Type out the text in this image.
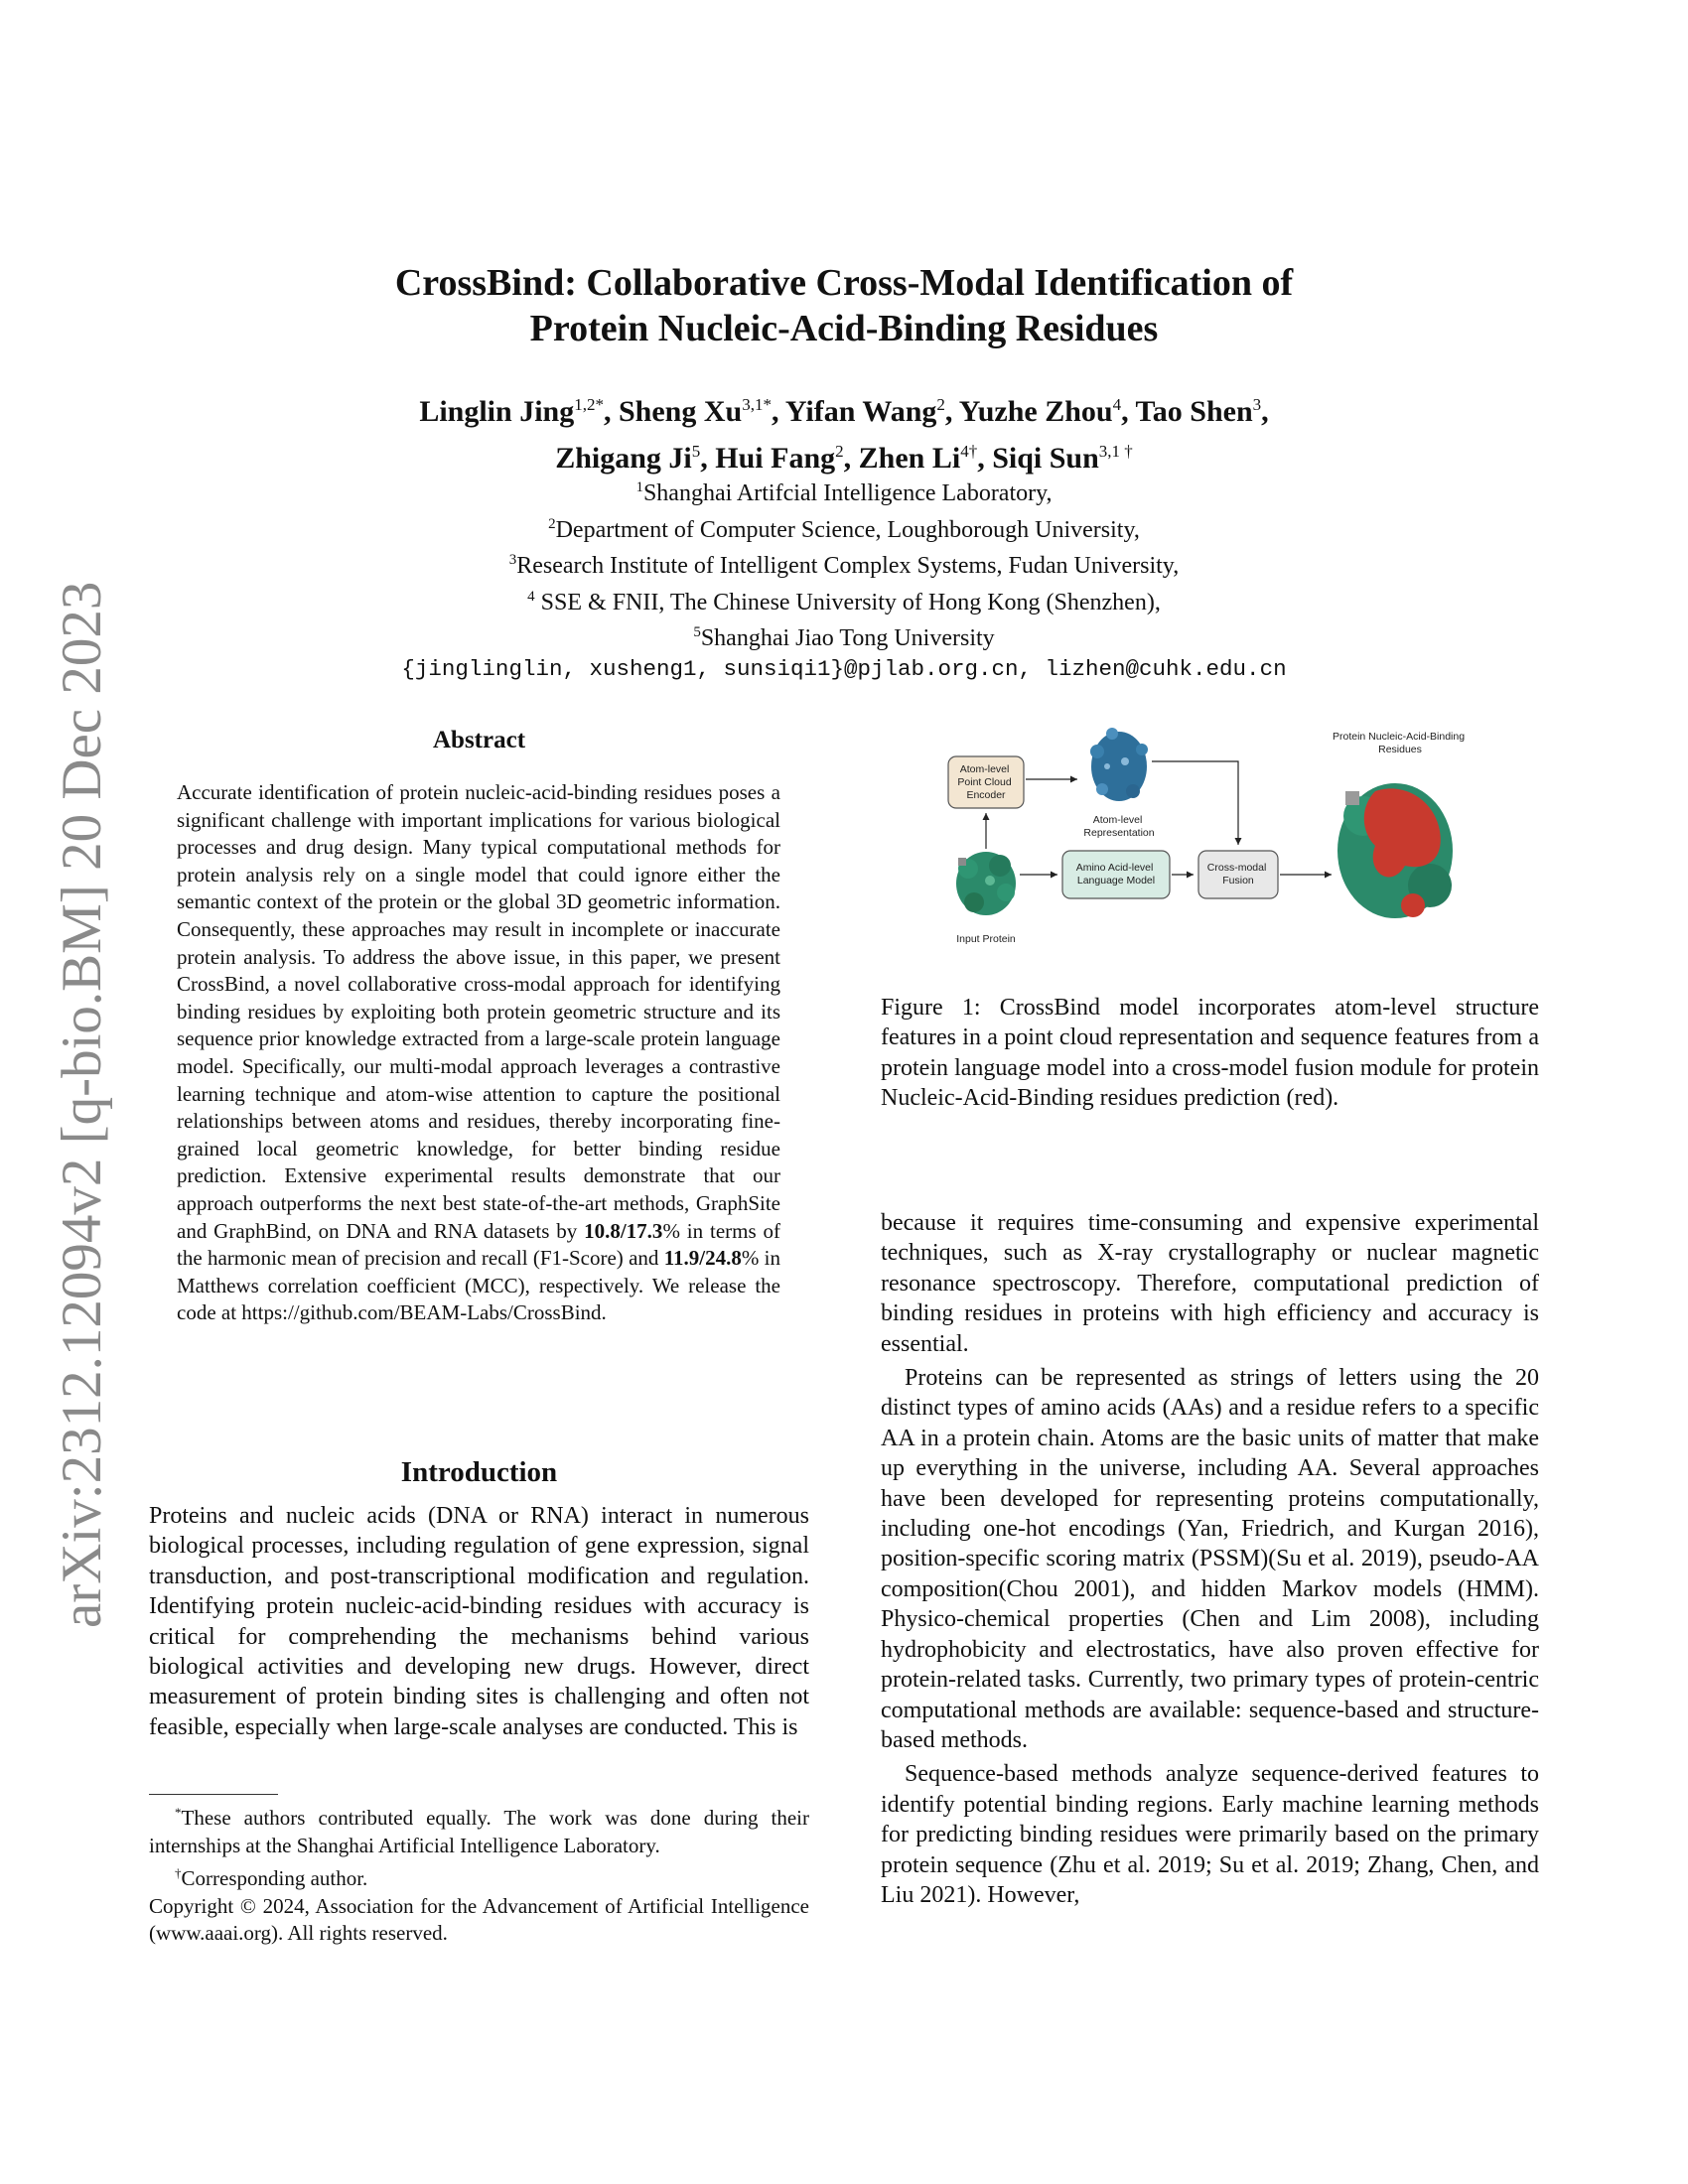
arXiv:2312.12094v2 [q-bio.BM] 20 Dec 2023
CrossBind: Collaborative Cross-Modal Identification of
Protein Nucleic-Acid-Binding Residues
Linglin Jing$^{1,2*}$, Sheng $Xu^{3,1*}$, Yifan Wang$^2$, Yuzhe Zhou$^4$, Tao Shen$^3$,
Zhigang Ji$^5$, Hui Fang$^2$, Zhen $Li^{4\dagger}$, Siqi Sun$^{3,1 \dagger}$
$^1$Shanghai Artifcial Intelligence Laboratory,
$^2$Department of Computer Science, Loughborough University,
$^3$Research Institute of Intelligent Complex Systems, Fudan University,
$^4$ SSE & FNII, The Chinese University of Hong Kong (Shenzhen),
$^5$Shanghai Jiao Tong University
{jinglinglin, xusheng1, sunsiqi1}@pjlab.org.cn, lizhen@cuhk.edu.cn
Abstract
Accurate identification of protein nucleic-acid-binding residues poses a significant challenge with important implications for various biological processes and drug design. Many typical computational methods for protein analysis rely on a single model that could ignore either the semantic context of the protein or the global 3D geometric information. Consequently, these approaches may result in incomplete or inaccurate protein analysis. To address the above issue, in this paper, we present CrossBind, a novel collaborative cross-modal approach for identifying binding residues by exploiting both protein geometric structure and its sequence prior knowledge extracted from a large-scale protein language model. Specifically, our multi-modal approach leverages a contrastive learning technique and atom-wise attention to capture the positional relationships between atoms and residues, thereby incorporating fine-grained local geometric knowledge, for better binding residue prediction. Extensive experimental results demonstrate that our approach outperforms the next best state-of-the-art methods, GraphSite and GraphBind, on DNA and RNA datasets by 10.8/17.3% in terms of the harmonic mean of precision and recall (F1-Score) and 11.9/24.8% in Matthews correlation coefficient (MCC), respectively. We release the code at https://github.com/BEAM-Labs/CrossBind.
Introduction
Proteins and nucleic acids (DNA or RNA) interact in numerous biological processes, including regulation of gene expression, signal transduction, and post-transcriptional modification and regulation. Identifying protein nucleic-acid-binding residues with accuracy is critical for comprehending the mechanisms behind various biological activities and developing new drugs. However, direct measurement of protein binding sites is challenging and often not feasible, especially when large-scale analyses are conducted. This is

*These authors contributed equally. The work was done during their internships at the Shanghai Artificial Intelligence Laboratory.

†Corresponding author.

Copyright © 2024, Association for the Advancement of Artificial Intelligence (www.aaai.org). All rights reserved.

Atom-level Point Cloud Encoder
Atom-level Representation
Input Protein
Amino Acid-level Language Model
Cross-modal Fusion
Protein Nucleic-Acid-Binding Residues
Figure 1: CrossBind model incorporates atom-level structure features in a point cloud representation and sequence features from a protein language model into a cross-model fusion module for protein Nucleic-Acid-Binding residues prediction (red).

because it requires time-consuming and expensive experimental techniques, such as X-ray crystallography or nuclear magnetic resonance spectroscopy. Therefore, computational prediction of binding residues in proteins with high efficiency and accuracy is essential.

Proteins can be represented as strings of letters using the 20 distinct types of amino acids (AAs) and a residue refers to a specific AA in a protein chain. Atoms are the basic units of matter that make up everything in the universe, including AA. Several approaches have been developed for representing proteins computationally, including one-hot encodings (Yan, Friedrich, and Kurgan 2016), position-specific scoring matrix (PSSM)(Su et al. 2019), pseudo-AA composition(Chou 2001), and hidden Markov models (HMM). Physico-chemical properties (Chen and Lim 2008), including hydrophobicity and electrostatics, have also proven effective for protein-related tasks. Currently, two primary types of protein-centric computational methods are available: sequence-based and structure-based methods.

Sequence-based methods analyze sequence-derived features to identify potential binding regions. Early machine learning methods for predicting binding residues were primarily based on the primary protein sequence (Zhu et al. 2019; Su et al. 2019; Zhang, Chen, and Liu 2021). However,
